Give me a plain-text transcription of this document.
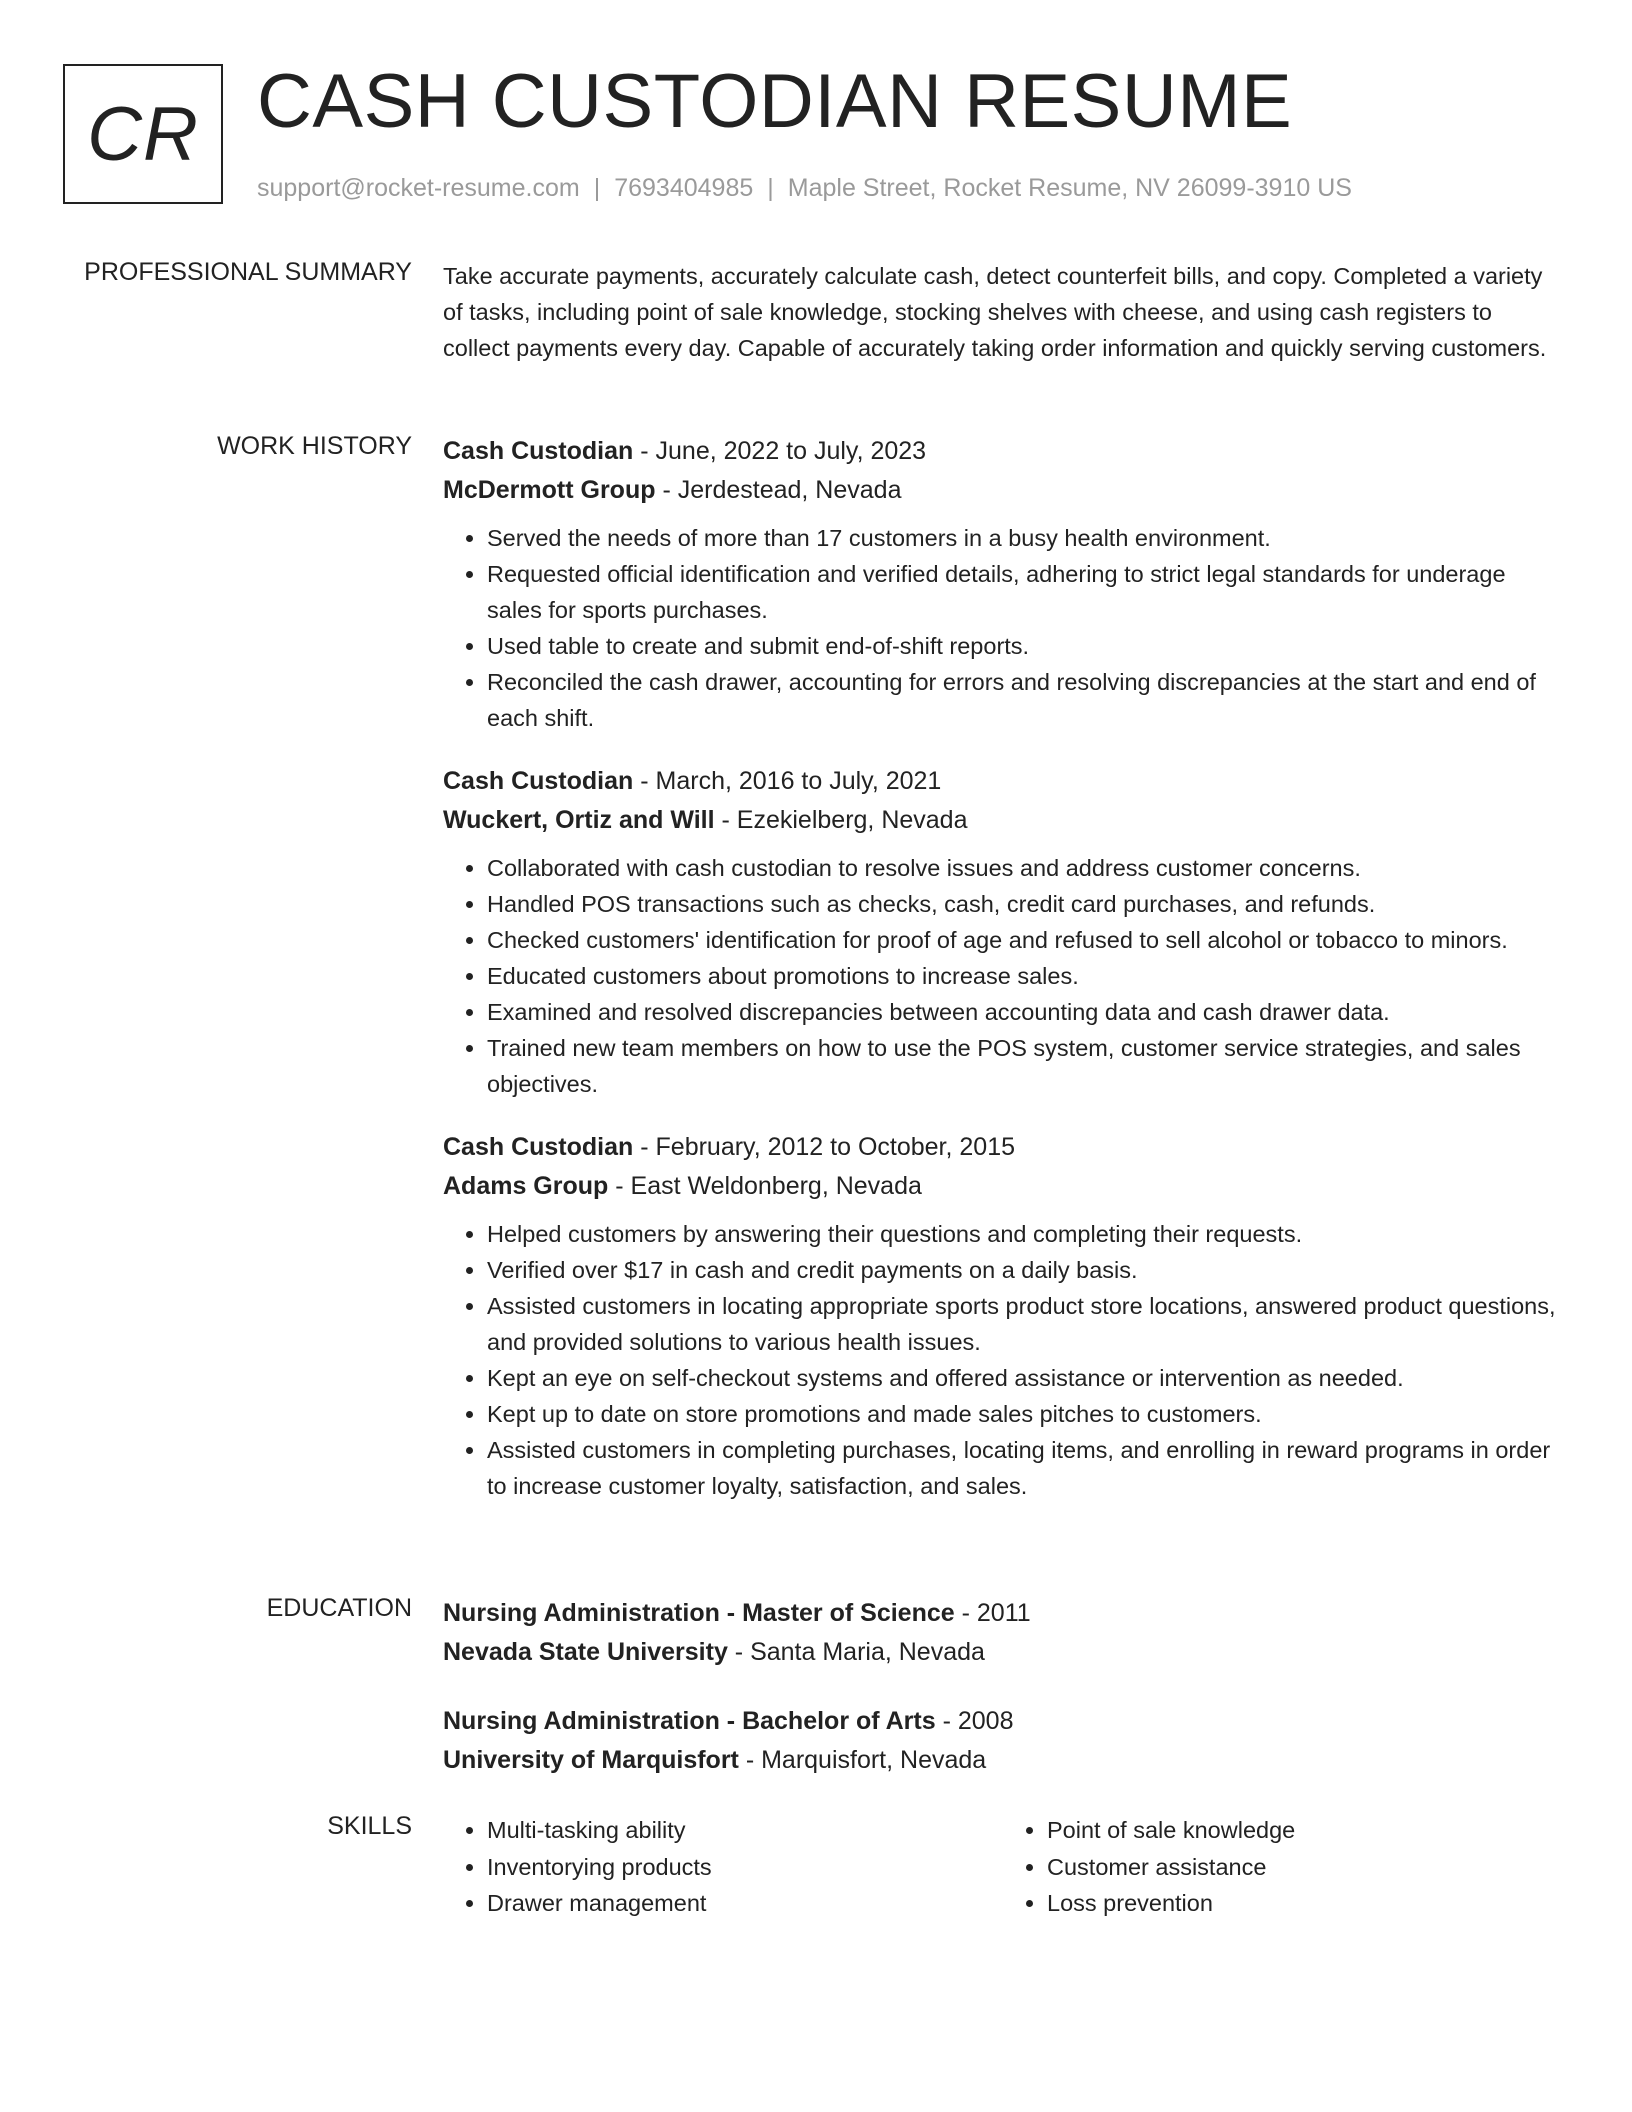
CR CASH CUSTODIAN RESUME
support@rocket-resume.com | 7693404985 | Maple Street, Rocket Resume, NV 26099-3910 US
PROFESSIONAL SUMMARY Take accurate payments, accurately calculate cash, detect counterfeit bills, and copy. Completed a variety of tasks, including point of sale knowledge, stocking shelves with cheese, and using cash registers to collect payments every day. Capable of accurately taking order information and quickly serving customers.

WORK HISTORY Cash Custodian - June, 2022 to July, 2023
McDermott Group - Jerdestead, Nevada
• Served the needs of more than 17 customers in a busy health environment.
• Requested official identification and verified details, adhering to strict legal standards for underage sales for sports purchases.
• Used table to create and submit end-of-shift reports.
• Reconciled the cash drawer, accounting for errors and resolving discrepancies at the start and end of each shift.
Cash Custodian - March, 2016 to July, 2021
Wuckert, Ortiz and Will - Ezekielberg, Nevada
• Collaborated with cash custodian to resolve issues and address customer concerns.
• Handled POS transactions such as checks, cash, credit card purchases, and refunds.
• Checked customers' identification for proof of age and refused to sell alcohol or tobacco to minors.
• Educated customers about promotions to increase sales.
• Examined and resolved discrepancies between accounting data and cash drawer data.
• Trained new team members on how to use the POS system, customer service strategies, and sales objectives.
Cash Custodian - February, 2012 to October, 2015
Adams Group - East Weldonberg, Nevada
• Helped customers by answering their questions and completing their requests.
• Verified over $17 in cash and credit payments on a daily basis.
• Assisted customers in locating appropriate sports product store locations, answered product questions, and provided solutions to various health issues.
• Kept an eye on self-checkout systems and offered assistance or intervention as needed.
• Kept up to date on store promotions and made sales pitches to customers.
• Assisted customers in completing purchases, locating items, and enrolling in reward programs in order to increase customer loyalty, satisfaction, and sales.
EDUCATION Nursing Administration - Master of Science - 2011
Nevada State University - Santa Maria, Nevada
Nursing Administration - Bachelor of Arts - 2008
University of Marquisfort - Marquisfort, Nevada
SKILLS
•	Multi-tasking ability
• Inventorying products
• Drawer management
• Point of sale knowledge
• Customer assistance
• Loss prevention
